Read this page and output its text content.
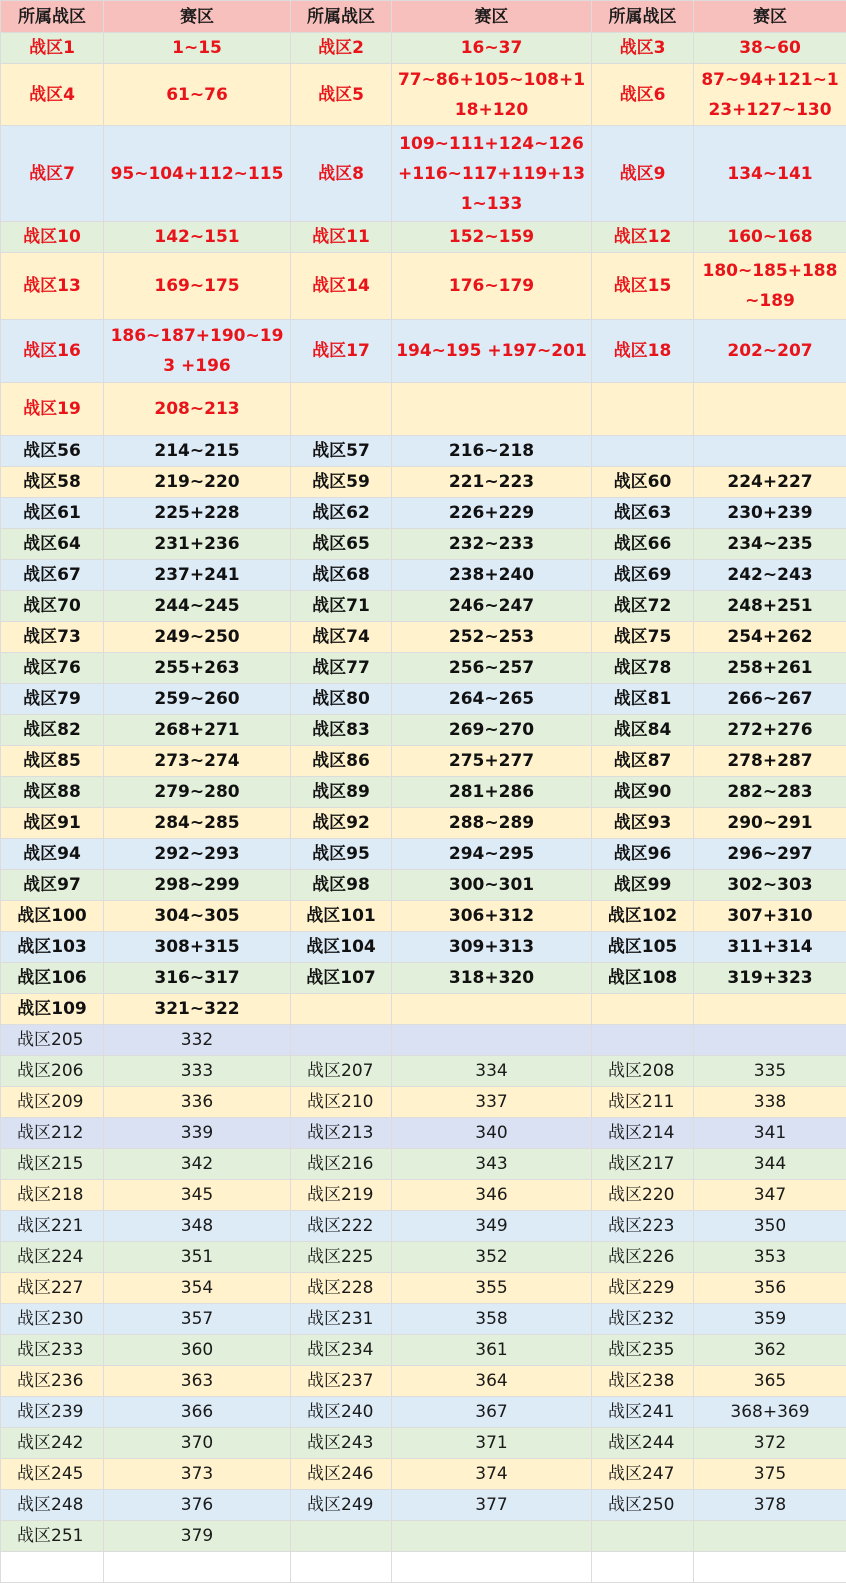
所属战区	赛区	所属战区	赛区	所属战区	赛区
战区1	1~15	战区2	16~37	战区3	38~60
战区4	61~76	战区5	77~86+105~108+118+120	战区6	87~94+121~123+127~130
战区7	95~104+112~115	战区8	109~111+124~126+116~117+119+131~133	战区9	134~141
战区10	142~151	战区11	152~159	战区12	160~168
战区13	169~175	战区14	176~179	战区15	180~185+188~189
战区16	186~187+190~193 +196	战区17	194~195 +197~201	战区18	202~207
战区19	208~213				
战区56	214~215	战区57	216~218		
战区58	219~220	战区59	221~223	战区60	224+227
战区61	225+228	战区62	226+229	战区63	230+239
战区64	231+236	战区65	232~233	战区66	234~235
战区67	237+241	战区68	238+240	战区69	242~243
战区70	244~245	战区71	246~247	战区72	248+251
战区73	249~250	战区74	252~253	战区75	254+262
战区76	255+263	战区77	256~257	战区78	258+261
战区79	259~260	战区80	264~265	战区81	266~267
战区82	268+271	战区83	269~270	战区84	272+276
战区85	273~274	战区86	275+277	战区87	278+287
战区88	279~280	战区89	281+286	战区90	282~283
战区91	284~285	战区92	288~289	战区93	290~291
战区94	292~293	战区95	294~295	战区96	296~297
战区97	298~299	战区98	300~301	战区99	302~303
战区100	304~305	战区101	306+312	战区102	307+310
战区103	308+315	战区104	309+313	战区105	311+314
战区106	316~317	战区107	318+320	战区108	319+323
战区109	321~322				
战区205	332				
战区206	333	战区207	334	战区208	335
战区209	336	战区210	337	战区211	338
战区212	339	战区213	340	战区214	341
战区215	342	战区216	343	战区217	344
战区218	345	战区219	346	战区220	347
战区221	348	战区222	349	战区223	350
战区224	351	战区225	352	战区226	353
战区227	354	战区228	355	战区229	356
战区230	357	战区231	358	战区232	359
战区233	360	战区234	361	战区235	362
战区236	363	战区237	364	战区238	365
战区239	366	战区240	367	战区241	368+369
战区242	370	战区243	371	战区244	372
战区245	373	战区246	374	战区247	375
战区248	376	战区249	377	战区250	378
战区251	379				
